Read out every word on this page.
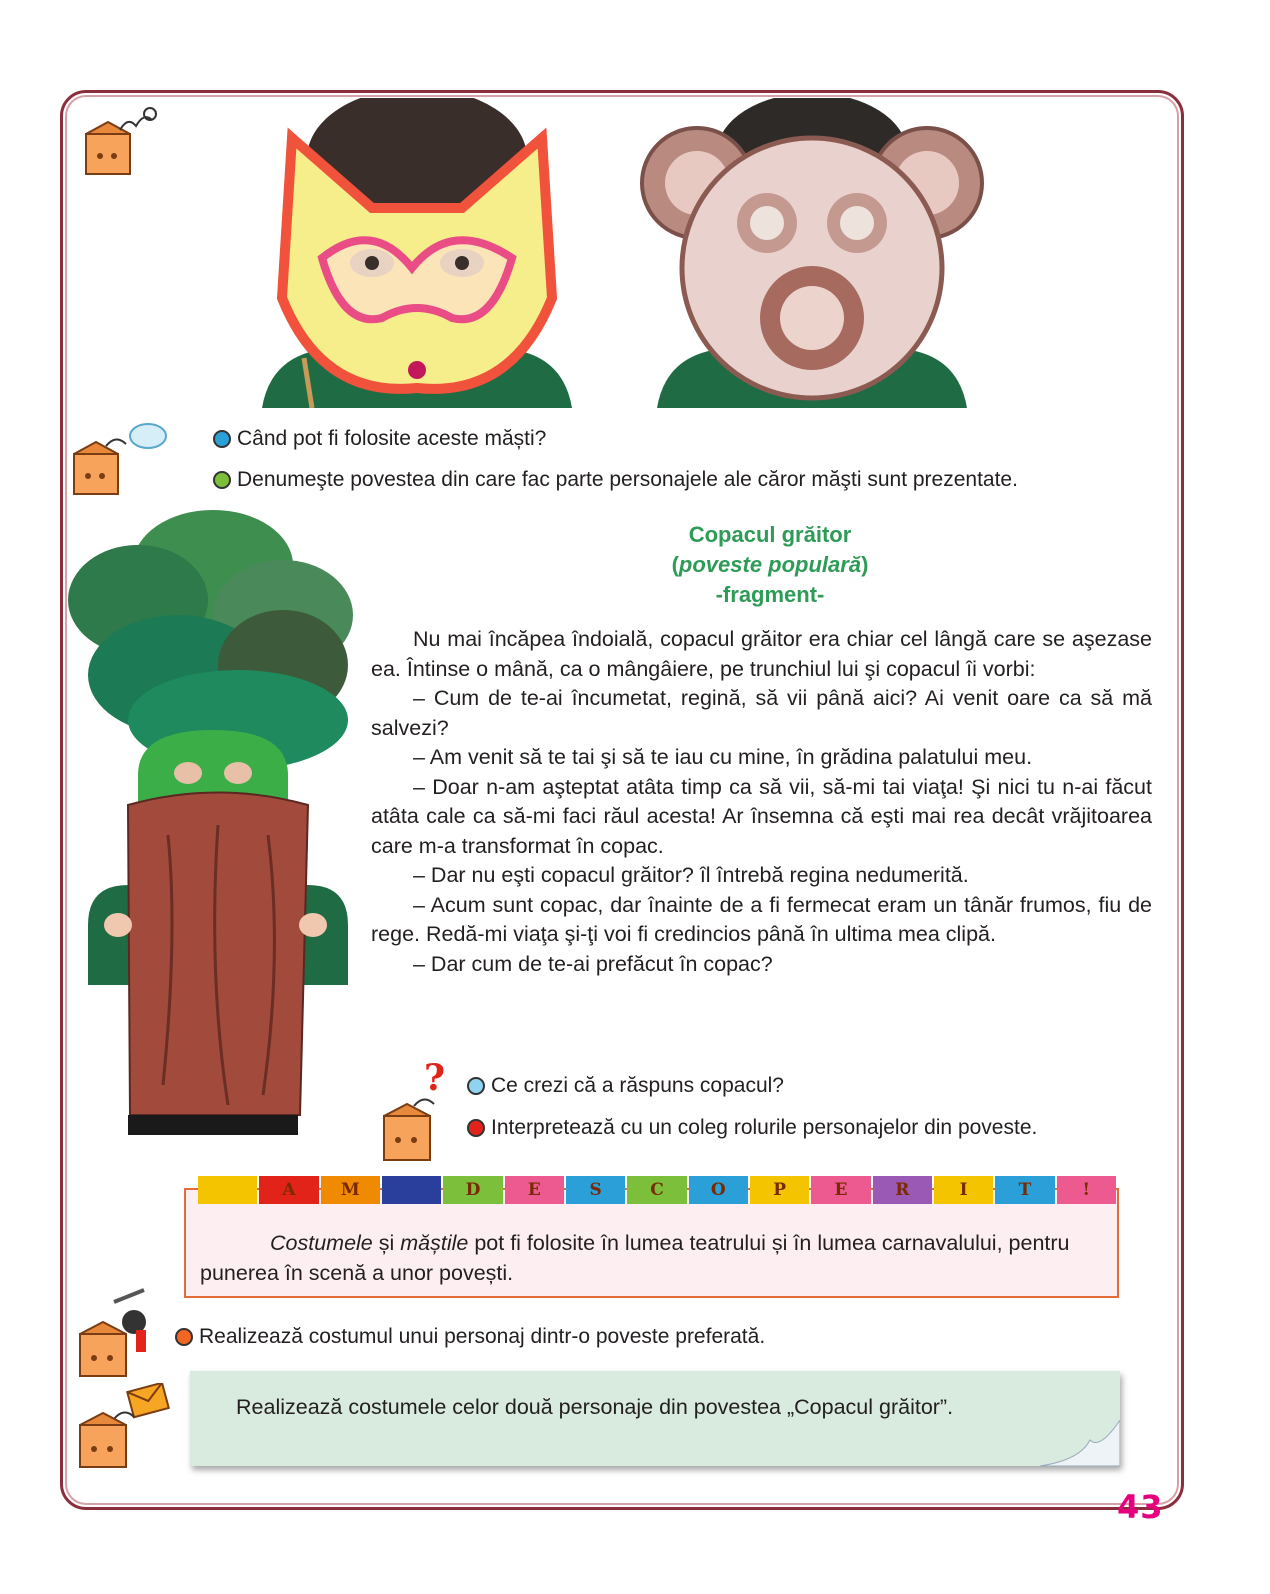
Când pot fi folosite aceste măști?
Denumeşte povestea din care fac parte personajele ale căror măşti sunt prezentate.
Copacul grăitor
(poveste populară)
-fragment-

Nu mai încăpea îndoială, copacul grăitor era chiar cel lângă care se aşezase ea. Întinse o mână, ca o mângâiere, pe trunchiul lui şi copacul îi vorbi:

– Cum de te-ai încumetat, regină, să vii până aici? Ai venit oare ca să mă salvezi?

– Am venit să te tai şi să te iau cu mine, în grădina palatului meu.

– Doar n-am aşteptat atâta timp ca să vii, să-mi tai viaţa! Şi nici tu n-ai făcut atâta cale ca să-mi faci răul acesta! Ar însemna că eşti mai rea decât vrăjitoarea care m-a transformat în copac.

– Dar nu eşti copacul grăitor? îl întrebă regina nedumerită.

– Acum sunt copac, dar înainte de a fi fermecat eram un tânăr frumos, fiu de rege. Redă-mi viaţa şi-ţi voi fi credincios până în ultima mea clipă.

– Dar cum de te-ai prefăcut în copac?

? Ce crezi că a răspuns copacul?
Interpretează cu un coleg rolurile personajelor din poveste.
A	M	D	E	S	C	O	P	E	R	I	T	!
Costumele și măștile pot fi folosite în lumea teatrului și în lumea carnavalului, pentru punerea în scenă a unor povești.
Realizează costumul unui personaj dintr-o poveste preferată.
Realizează costumele celor două personaje din povestea „Copacul grăitor”.
43
